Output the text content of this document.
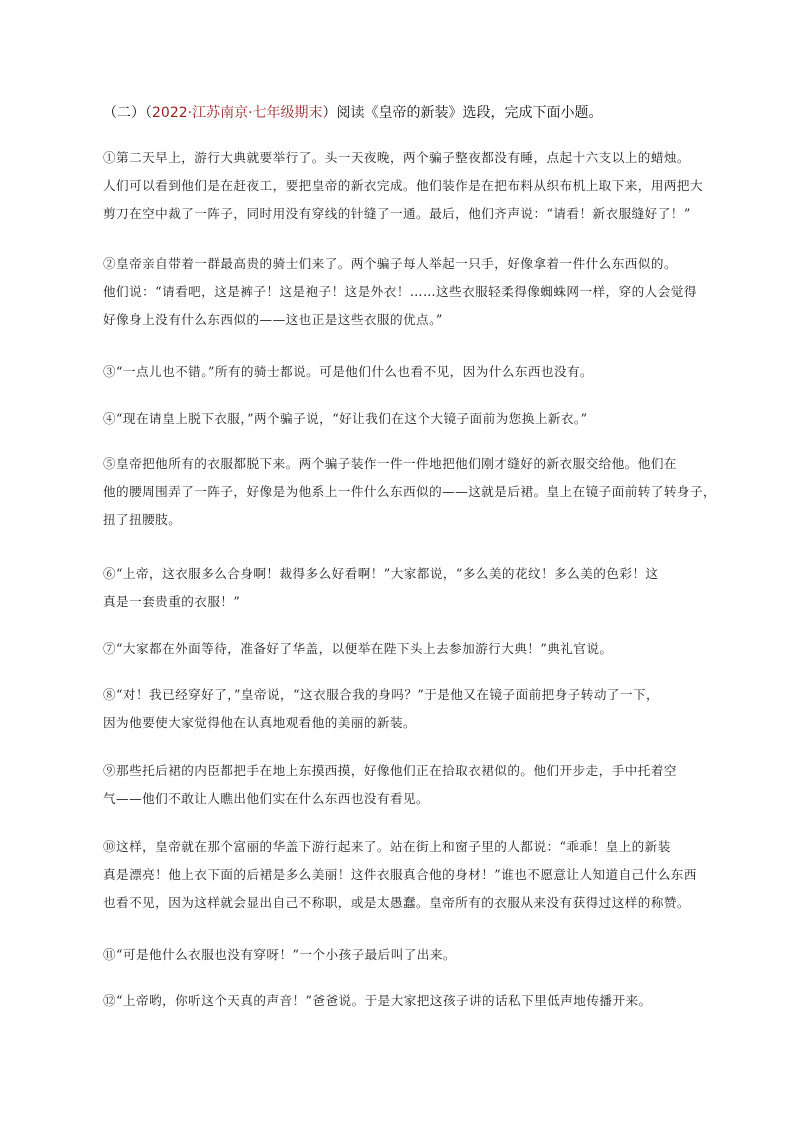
（二）（2022·江苏南京·七年级期末）阅读《皇帝的新装》选段，完成下面小题。
①第二天早上，游行大典就要举行了。头一天夜晚，两个骗子整夜都没有睡，点起十六支以上的蜡烛。
人们可以看到他们是在赶夜工，要把皇帝的新衣完成。他们装作是在把布料从织布机上取下来，用两把大
剪刀在空中裁了一阵子，同时用没有穿线的针缝了一通。最后，他们齐声说：“请看！新衣服缝好了！”
②皇帝亲自带着一群最高贵的骑士们来了。两个骗子每人举起一只手，好像拿着一件什么东西似的。
他们说：“请看吧，这是裤子！这是袍子！这是外衣！……这些衣服轻柔得像蜘蛛网一样，穿的人会觉得
好像身上没有什么东西似的——这也正是这些衣服的优点。”
③“一点儿也不错。”所有的骑士都说。可是他们什么也看不见，因为什么东西也没有。
④“现在请皇上脱下衣服，”两个骗子说，“好让我们在这个大镜子面前为您换上新衣。”
⑤皇帝把他所有的衣服都脱下来。两个骗子装作一件一件地把他们刚才缝好的新衣服交给他。他们在
他的腰周围弄了一阵子，好像是为他系上一件什么东西似的——这就是后裙。皇上在镜子面前转了转身子，
扭了扭腰肢。
⑥“上帝，这衣服多么合身啊！裁得多么好看啊！”大家都说，“多么美的花纹！多么美的色彩！这
真是一套贵重的衣服！”
⑦“大家都在外面等待，准备好了华盖，以便举在陛下头上去参加游行大典！”典礼官说。
⑧“对！我已经穿好了，”皇帝说，“这衣服合我的身吗？”于是他又在镜子面前把身子转动了一下，
因为他要使大家觉得他在认真地观看他的美丽的新装。
⑨那些托后裙的内臣都把手在地上东摸西摸，好像他们正在拾取衣裙似的。他们开步走，手中托着空
气——他们不敢让人瞧出他们实在什么东西也没有看见。
⑩这样，皇帝就在那个富丽的华盖下游行起来了。站在街上和窗子里的人都说：“乖乖！皇上的新装
真是漂亮！他上衣下面的后裙是多么美丽！这件衣服真合他的身材！”谁也不愿意让人知道自己什么东西
也看不见，因为这样就会显出自己不称职，或是太愚蠢。皇帝所有的衣服从来没有获得过这样的称赞。
⑪“可是他什么衣服也没有穿呀！”一个小孩子最后叫了出来。
⑫“上帝哟，你听这个天真的声音！”爸爸说。于是大家把这孩子讲的话私下里低声地传播开来。
